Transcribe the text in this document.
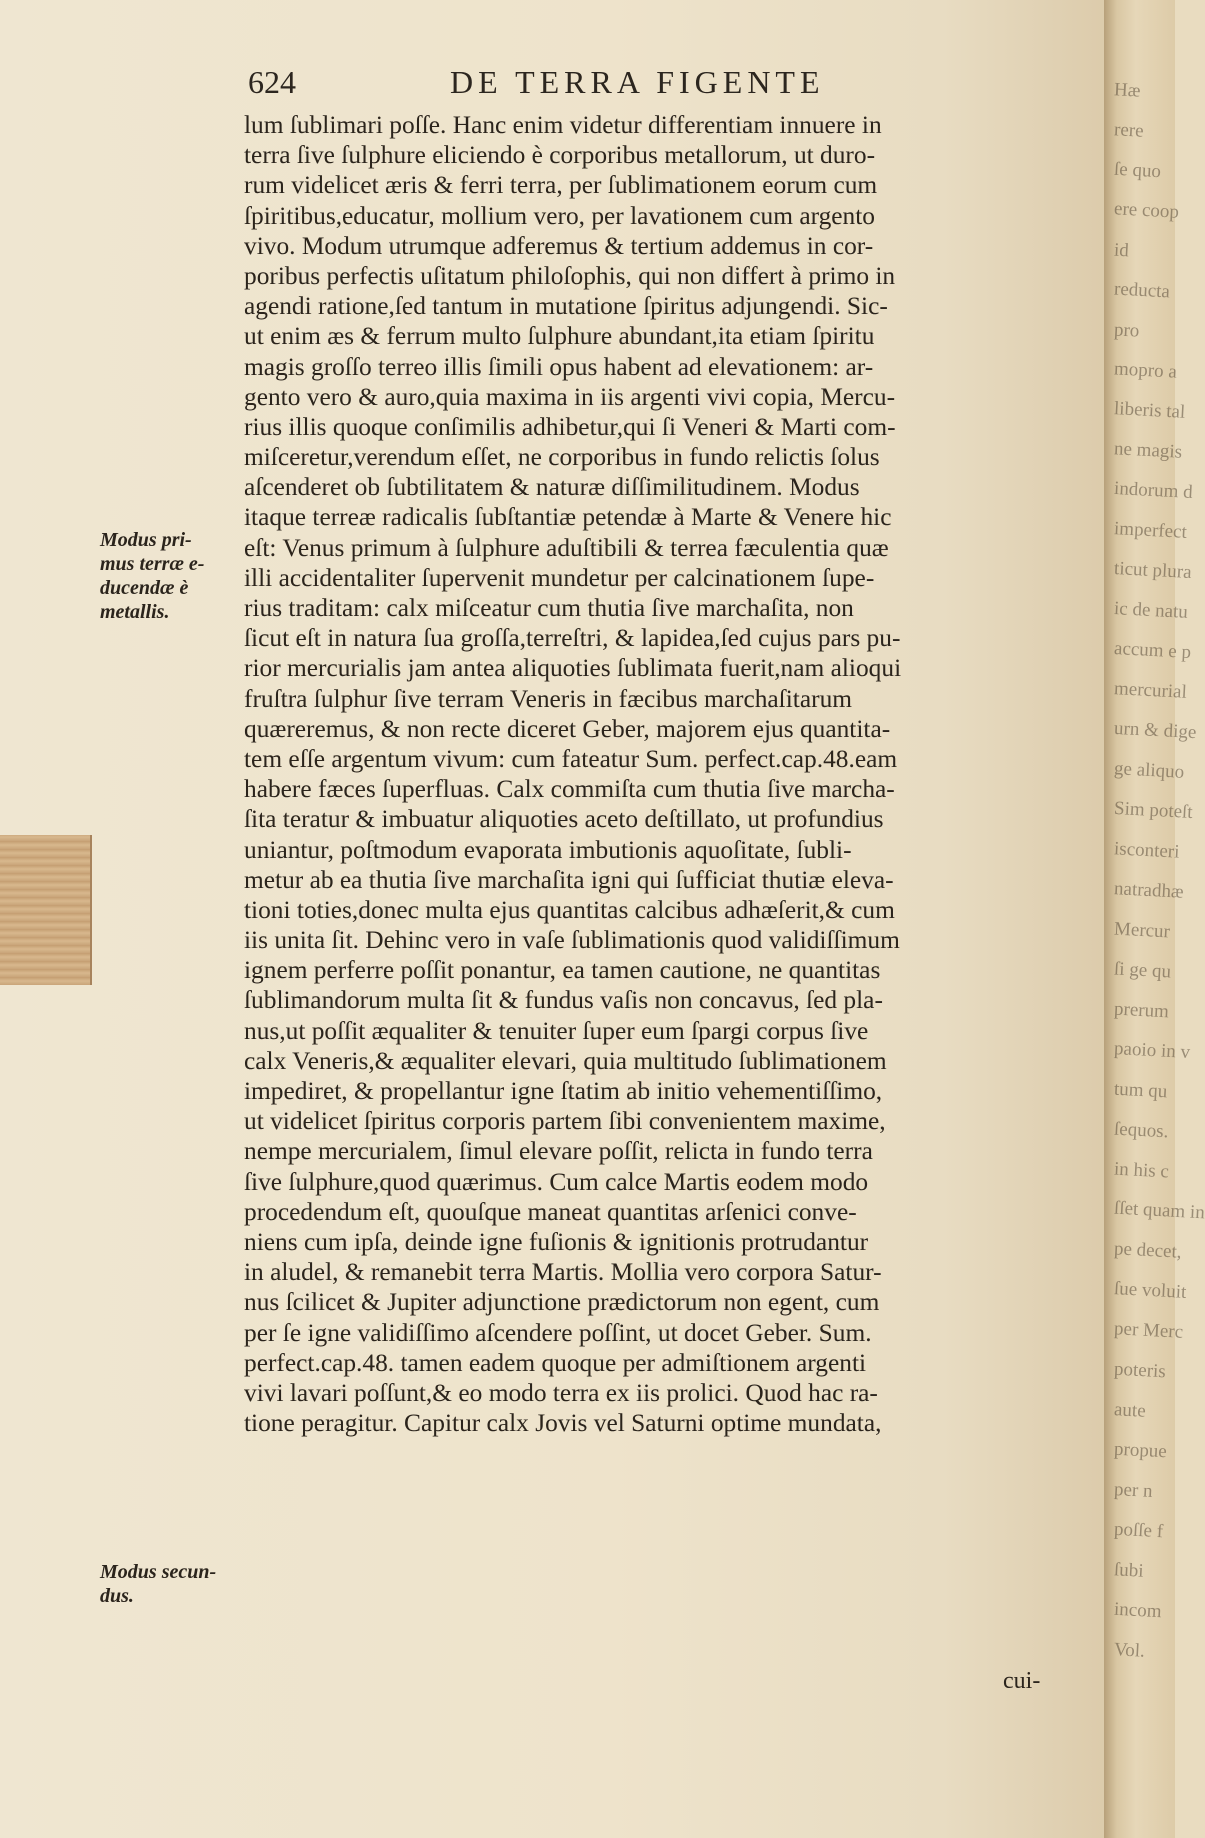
Hæ
rere
ſe quo
ere coop
id
reducta
pro
mopro a
liberis tal
ne magis
indorum d
imperfect
ticut plura
ic de natu
accum e p
mercurial
urn & dige
ge aliquo
Sim poteſt
isconteri
natradhæ
Mercur
ſi ge qu
prerum
paoio in v
tum qu
ſequos.
in his c
ſſet quam in
pe decet,
ſue voluit
per Merc
poteris
aute
propue
per n
poſſe f
ſubi
incom
Vol.
624	DE TERRA FIGENTE
Modus pri-
mus terræ e-
ducendæ è
metallis.
Modus secun-
dus.
lum ſublimari poſſe. Hanc enim videtur differentiam innuere in
terra ſive ſulphure eliciendo è corporibus metallorum, ut duro-
rum videlicet æris & ferri terra, per ſublimationem eorum cum
ſpiritibus,educatur, mollium vero, per lavationem cum argento
vivo. Modum utrumque adferemus & tertium addemus in cor-
poribus perfectis uſitatum philoſophis, qui non differt à primo in
agendi ratione,ſed tantum in mutatione ſpiritus adjungendi. Sic-
ut enim æs & ferrum multo ſulphure abundant,ita etiam ſpiritu
magis groſſo terreo illis ſimili opus habent ad elevationem: ar-
gento vero & auro,quia maxima in iis argenti vivi copia, Mercu-
rius illis quoque conſimilis adhibetur,qui ſi Veneri & Marti com-
miſceretur,verendum eſſet, ne corporibus in fundo relictis ſolus
aſcenderet ob ſubtilitatem & naturæ diſſimilitudinem. Modus
itaque terreæ radicalis ſubſtantiæ petendæ à Marte & Venere hic
eſt: Venus primum à ſulphure aduſtibili & terrea fæculentia quæ
illi accidentaliter ſupervenit mundetur per calcinationem ſupe-
rius traditam: calx miſceatur cum thutia ſive marchaſita, non
ſicut eſt in natura ſua groſſa,terreſtri, & lapidea,ſed cujus pars pu-
rior mercurialis jam antea aliquoties ſublimata fuerit,nam alioqui
fruſtra ſulphur ſive terram Veneris in fæcibus marchaſitarum
quæreremus, & non recte diceret Geber, majorem ejus quantita-
tem eſſe argentum vivum: cum fateatur Sum. perfect.cap.48.eam
habere fæces ſuperfluas. Calx commiſta cum thutia ſive marcha-
ſita teratur & imbuatur aliquoties aceto deſtillato, ut profundius
uniantur, poſtmodum evaporata imbutionis aquoſitate, ſubli-
metur ab ea thutia ſive marchaſita igni qui ſufficiat thutiæ eleva-
tioni toties,donec multa ejus quantitas calcibus adhæſerit,& cum
iis unita ſit. Dehinc vero in vaſe ſublimationis quod validiſſimum
ignem perferre poſſit ponantur, ea tamen cautione, ne quantitas
ſublimandorum multa ſit & fundus vaſis non concavus, ſed pla-
nus,ut poſſit æqualiter & tenuiter ſuper eum ſpargi corpus ſive
calx Veneris,& æqualiter elevari, quia multitudo ſublimationem
impediret, & propellantur igne ſtatim ab initio vehementiſſimo,
ut videlicet ſpiritus corporis partem ſibi convenientem maxime,
nempe mercurialem, ſimul elevare poſſit, relicta in fundo terra
ſive ſulphure,quod quærimus. Cum calce Martis eodem modo
procedendum eſt, quouſque maneat quantitas arſenici conve-
niens cum ipſa, deinde igne fuſionis & ignitionis protrudantur
in aludel, & remanebit terra Martis. Mollia vero corpora Satur-
nus ſcilicet & Jupiter adjunctione prædictorum non egent, cum
per ſe igne validiſſimo aſcendere poſſint, ut docet Geber. Sum.
perfect.cap.48. tamen eadem quoque per admiſtionem argenti
vivi lavari poſſunt,& eo modo terra ex iis prolici. Quod hac ra-
tione peragitur. Capitur calx Jovis vel Saturni optime mundata,
cui-
